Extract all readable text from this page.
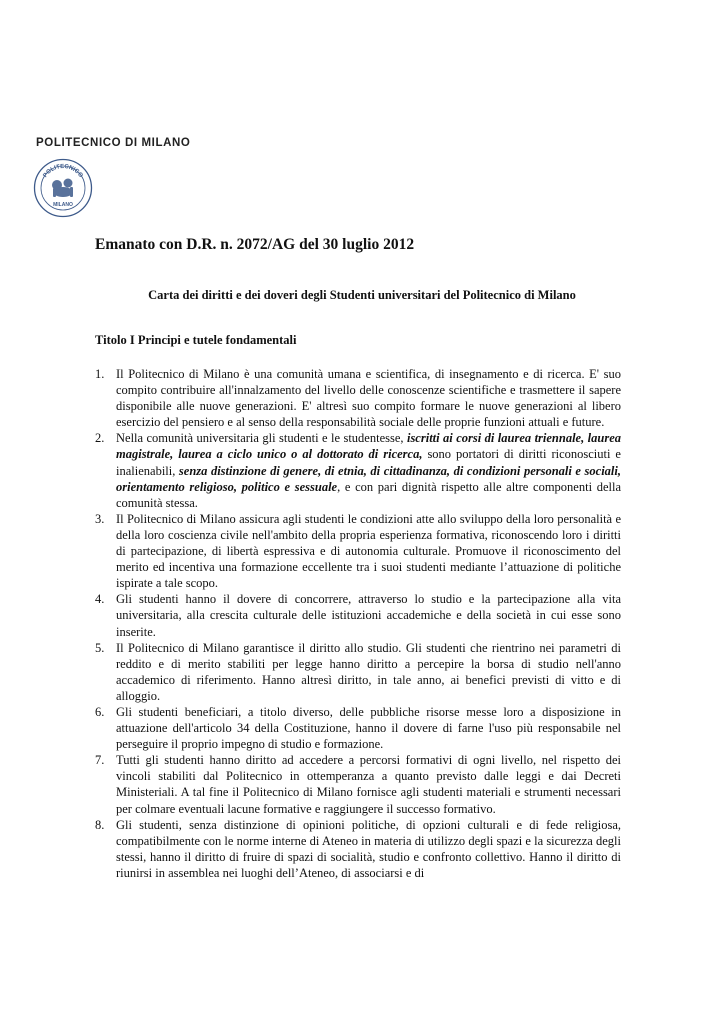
POLITECNICO DI MILANO
POLITECNICO
MILANO
Emanato con D.R. n. 2072/AG del 30 luglio 2012
Carta dei diritti e dei doveri degli Studenti universitari del Politecnico di Milano
Titolo I Principi e tutele fondamentali
1. Il Politecnico di Milano è una comunità umana e scientifica, di insegnamento e di ricerca. E' suo compito contribuire all'innalzamento del livello delle conoscenze scientifiche e trasmettere il sapere disponibile alle nuove generazioni. E' altresì suo compito formare le nuove generazioni al libero esercizio del pensiero e al senso della responsabilità sociale delle proprie funzioni attuali e future.
2. Nella comunità universitaria gli studenti e le studentesse, iscritti ai corsi di laurea triennale, laurea magistrale, laurea a ciclo unico o al dottorato di ricerca, sono portatori di diritti riconosciuti e inalienabili, senza distinzione di genere, di etnia, di cittadinanza, di condizioni personali e sociali, orientamento religioso, politico e sessuale, e con pari dignità rispetto alle altre componenti della comunità stessa.
3. Il Politecnico di Milano assicura agli studenti le condizioni atte allo sviluppo della loro personalità e della loro coscienza civile nell'ambito della propria esperienza formativa, riconoscendo loro i diritti di partecipazione, di libertà espressiva e di autonomia culturale. Promuove il riconoscimento del merito ed incentiva una formazione eccellente tra i suoi studenti mediante l’attuazione di politiche ispirate a tale scopo.
4. Gli studenti hanno il dovere di concorrere, attraverso lo studio e la partecipazione alla vita universitaria, alla crescita culturale delle istituzioni accademiche e della società in cui esse sono inserite.
5. Il Politecnico di Milano garantisce il diritto allo studio. Gli studenti che rientrino nei parametri di reddito e di merito stabiliti per legge hanno diritto a percepire la borsa di studio nell'anno accademico di riferimento. Hanno altresì diritto, in tale anno, ai benefici previsti di vitto e di alloggio.
6. Gli studenti beneficiari, a titolo diverso, delle pubbliche risorse messe loro a disposizione in attuazione dell'articolo 34 della Costituzione, hanno il dovere di farne l'uso più responsabile nel perseguire il proprio impegno di studio e formazione.
7. Tutti gli studenti hanno diritto ad accedere a percorsi formativi di ogni livello, nel rispetto dei vincoli stabiliti dal Politecnico in ottemperanza a quanto previsto dalle leggi e dai Decreti Ministeriali. A tal fine il Politecnico di Milano fornisce agli studenti materiali e strumenti necessari per colmare eventuali lacune formative e raggiungere il successo formativo.
8. Gli studenti, senza distinzione di opinioni politiche, di opzioni culturali e di fede religiosa, compatibilmente con le norme interne di Ateneo in materia di utilizzo degli spazi e la sicurezza degli stessi, hanno il diritto di fruire di spazi di socialità, studio e confronto collettivo. Hanno il diritto di riunirsi in assemblea nei luoghi dell’Ateneo, di associarsi e di
